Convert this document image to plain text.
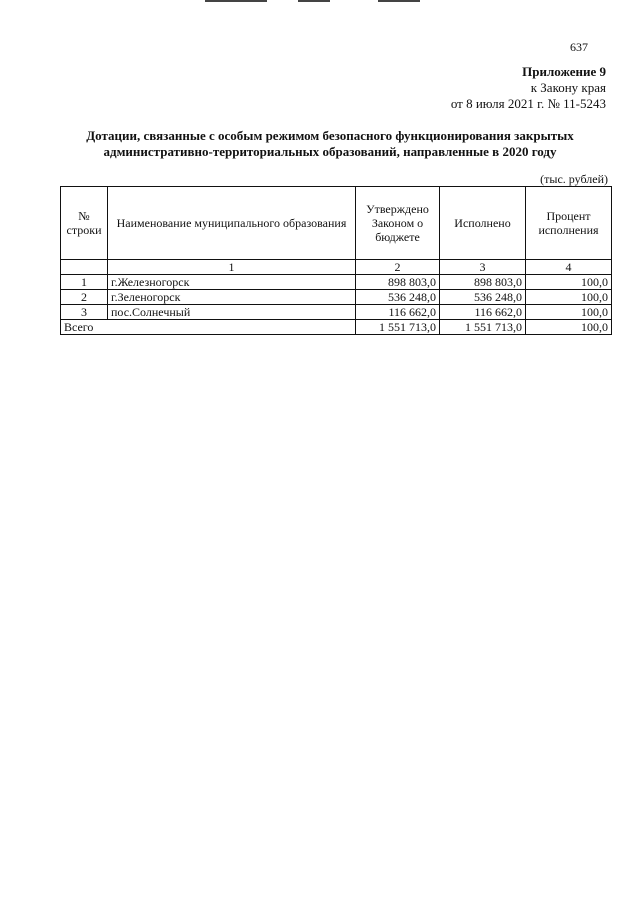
637
Приложение 9
к Закону края
от 8 июля 2021 г. № 11-5243
Дотации, связанные с особым режимом безопасного функционирования закрытых
административно-территориальных образований, направленные в 2020 году
(тыс. рублей)
№ строки	Наименование муниципального образования	Утверждено Законом о бюджете	Исполнено	Процент исполнения
	1	2	3	4
1	г.Железногорск	898 803,0	898 803,0	100,0
2	г.Зеленогорск	536 248,0	536 248,0	100,0
3	пос.Солнечный	116 662,0	116 662,0	100,0
Всего		1 551 713,0	1 551 713,0	100,0
